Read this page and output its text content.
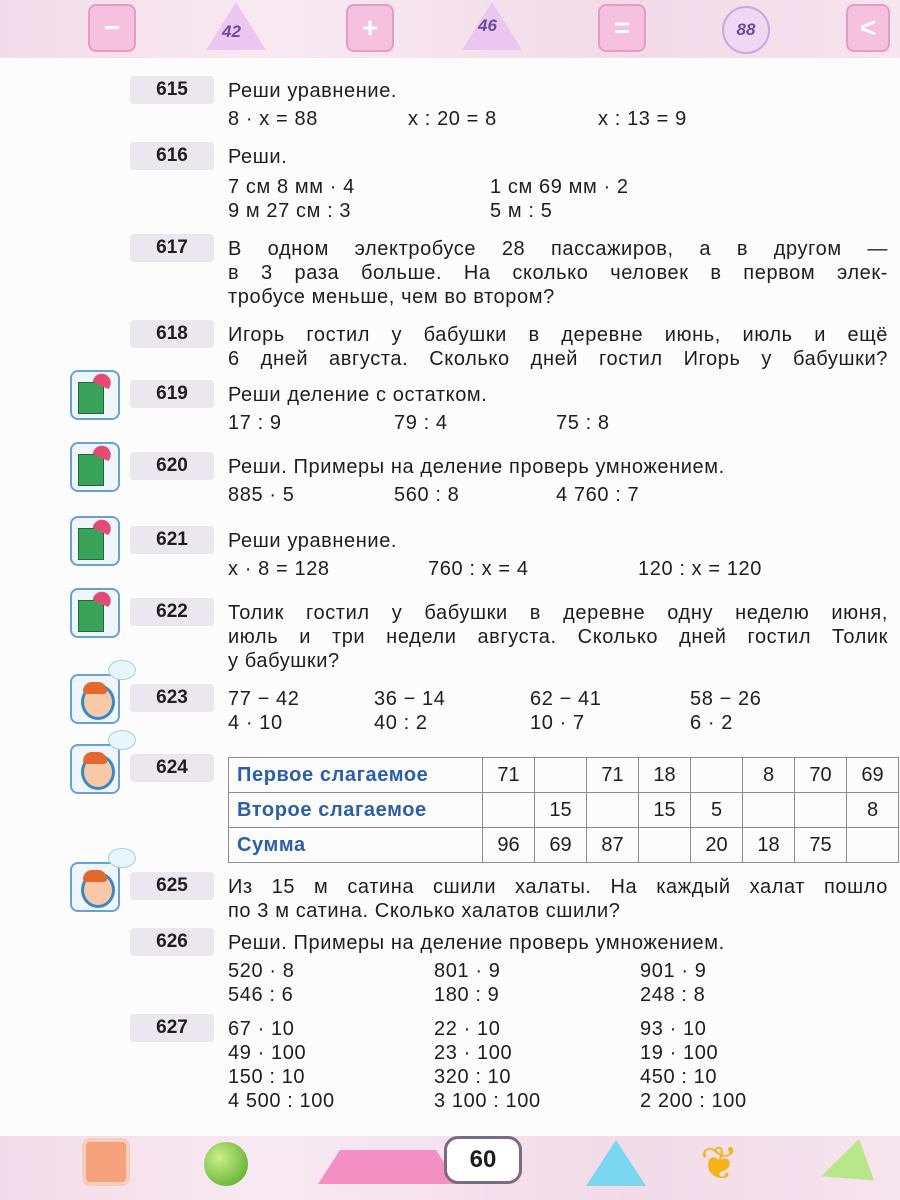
−	42	+	46	=	88	<
615	Реши уравнение.
8 · x = 88	x : 20 = 8	x : 13 = 9
616	Реши.
7 см 8 мм · 4	1 см 69 мм · 2
9 м 27 см : 3	5 м : 5
617	В одном электробусе 28 пассажиров, а в другом —
в 3 раза больше. На сколько человек в первом элек-
тробусе меньше, чем во втором?
618	Игорь гостил у бабушки в деревне июнь, июль и ещё
6 дней августа. Сколько дней гостил Игорь у бабушки?
619	Реши деление с остатком.
17 : 9	79 : 4	75 : 8
620	Реши. Примеры на деление проверь умножением.
885 · 5	560 : 8	4 760 : 7
621	Реши уравнение.
x · 8 = 128	760 : x = 4	120 : x = 120
622	Толик гостил у бабушки в деревне одну неделю июня,
июль и три недели августа. Сколько дней гостил Толик
у бабушки?
623	77 − 42	36 − 14	62 − 41	58 − 26
4 · 10	40 : 2	10 · 7	6 · 2
624	Первое слагаемое	71		71	18		8	70	69
Второе слагаемое		15		15	5			8
Сумма	96	69	87		20	18	75	
625	Из 15 м сатина сшили халаты. На каждый халат пошло
по 3 м сатина. Сколько халатов сшили?
626	Реши. Примеры на деление проверь умножением.
520 · 8	801 · 9	901 · 9
546 : 6	180 : 9	248 : 8
627	67 · 10	22 · 10	93 · 10
49 · 100	23 · 100	19 · 100
150 : 10	320 : 10	450 : 10
4 500 : 100	3 100 : 100	2 200 : 100
60	❦
